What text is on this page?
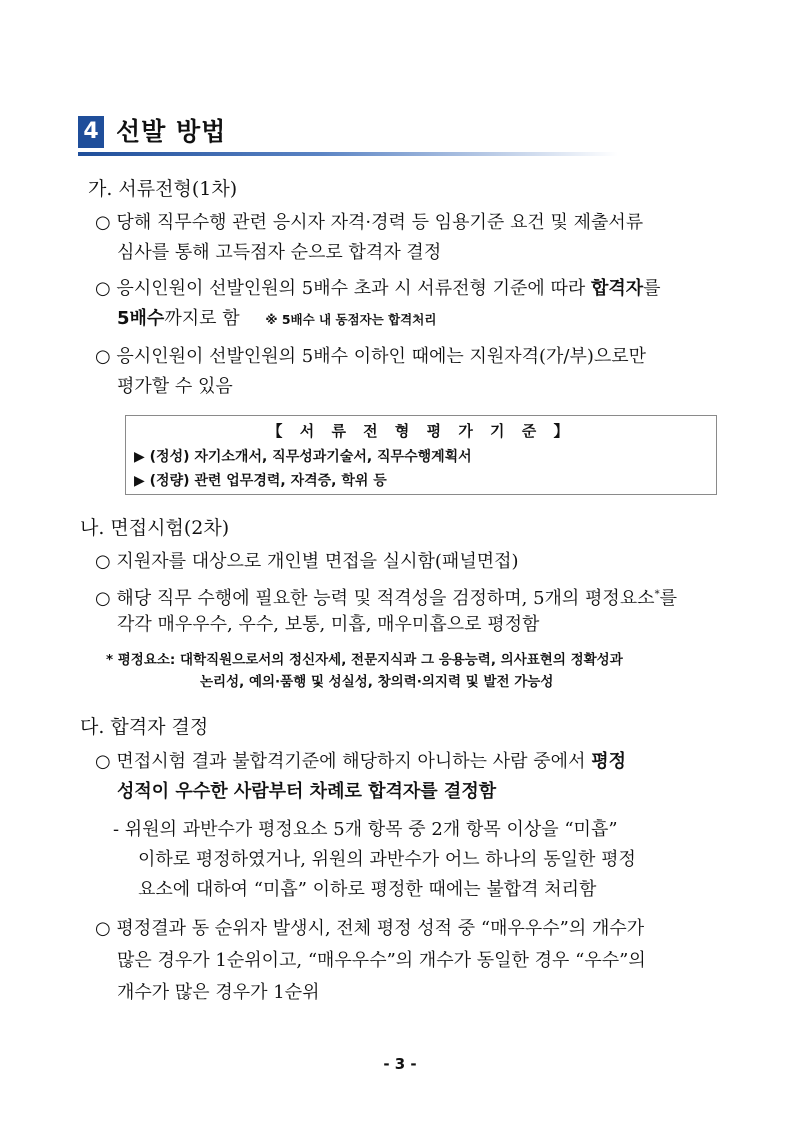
4 선발 방법
가. 서류전형(1차)
○ 당해 직무수행 관련 응시자 자격·경력 등 임용기준 요건 및 제출서류
심사를 통해 고득점자 순으로 합격자 결정
○ 응시인원이 선발인원의 5배수 초과 시 서류전형 기준에 따라 합격자를
5배수까지로 함 ※ 5배수 내 동점자는 합격처리
○ 응시인원이 선발인원의 5배수 이하인 때에는 지원자격(가/부)으로만
평가할 수 있음
【 서 류 전 형 평 가 기 준 】
▶ (정성) 자기소개서, 직무성과기술서, 직무수행계획서
▶ (정량) 관련 업무경력, 자격증, 학위 등
나. 면접시험(2차)
○ 지원자를 대상으로 개인별 면접을 실시함(패널면접)
○ 해당 직무 수행에 필요한 능력 및 적격성을 검정하며, 5개의 평정요소*를
각각 매우우수, 우수, 보통, 미흡, 매우미흡으로 평정함
* 평정요소: 대학직원으로서의 정신자세, 전문지식과 그 응용능력, 의사표현의 정확성과
논리성, 예의·품행 및 성실성, 창의력·의지력 및 발전 가능성
다. 합격자 결정
○ 면접시험 결과 불합격기준에 해당하지 아니하는 사람 중에서 평정
성적이 우수한 사람부터 차례로 합격자를 결정함
- 위원의 과반수가 평정요소 5개 항목 중 2개 항목 이상을 “미흡”
이하로 평정하였거나, 위원의 과반수가 어느 하나의 동일한 평정
요소에 대하여 “미흡” 이하로 평정한 때에는 불합격 처리함
○ 평정결과 동 순위자 발생시, 전체 평정 성적 중 “매우우수”의 개수가
많은 경우가 1순위이고, “매우우수”의 개수가 동일한 경우 “우수”의
개수가 많은 경우가 1순위
- 3 -
